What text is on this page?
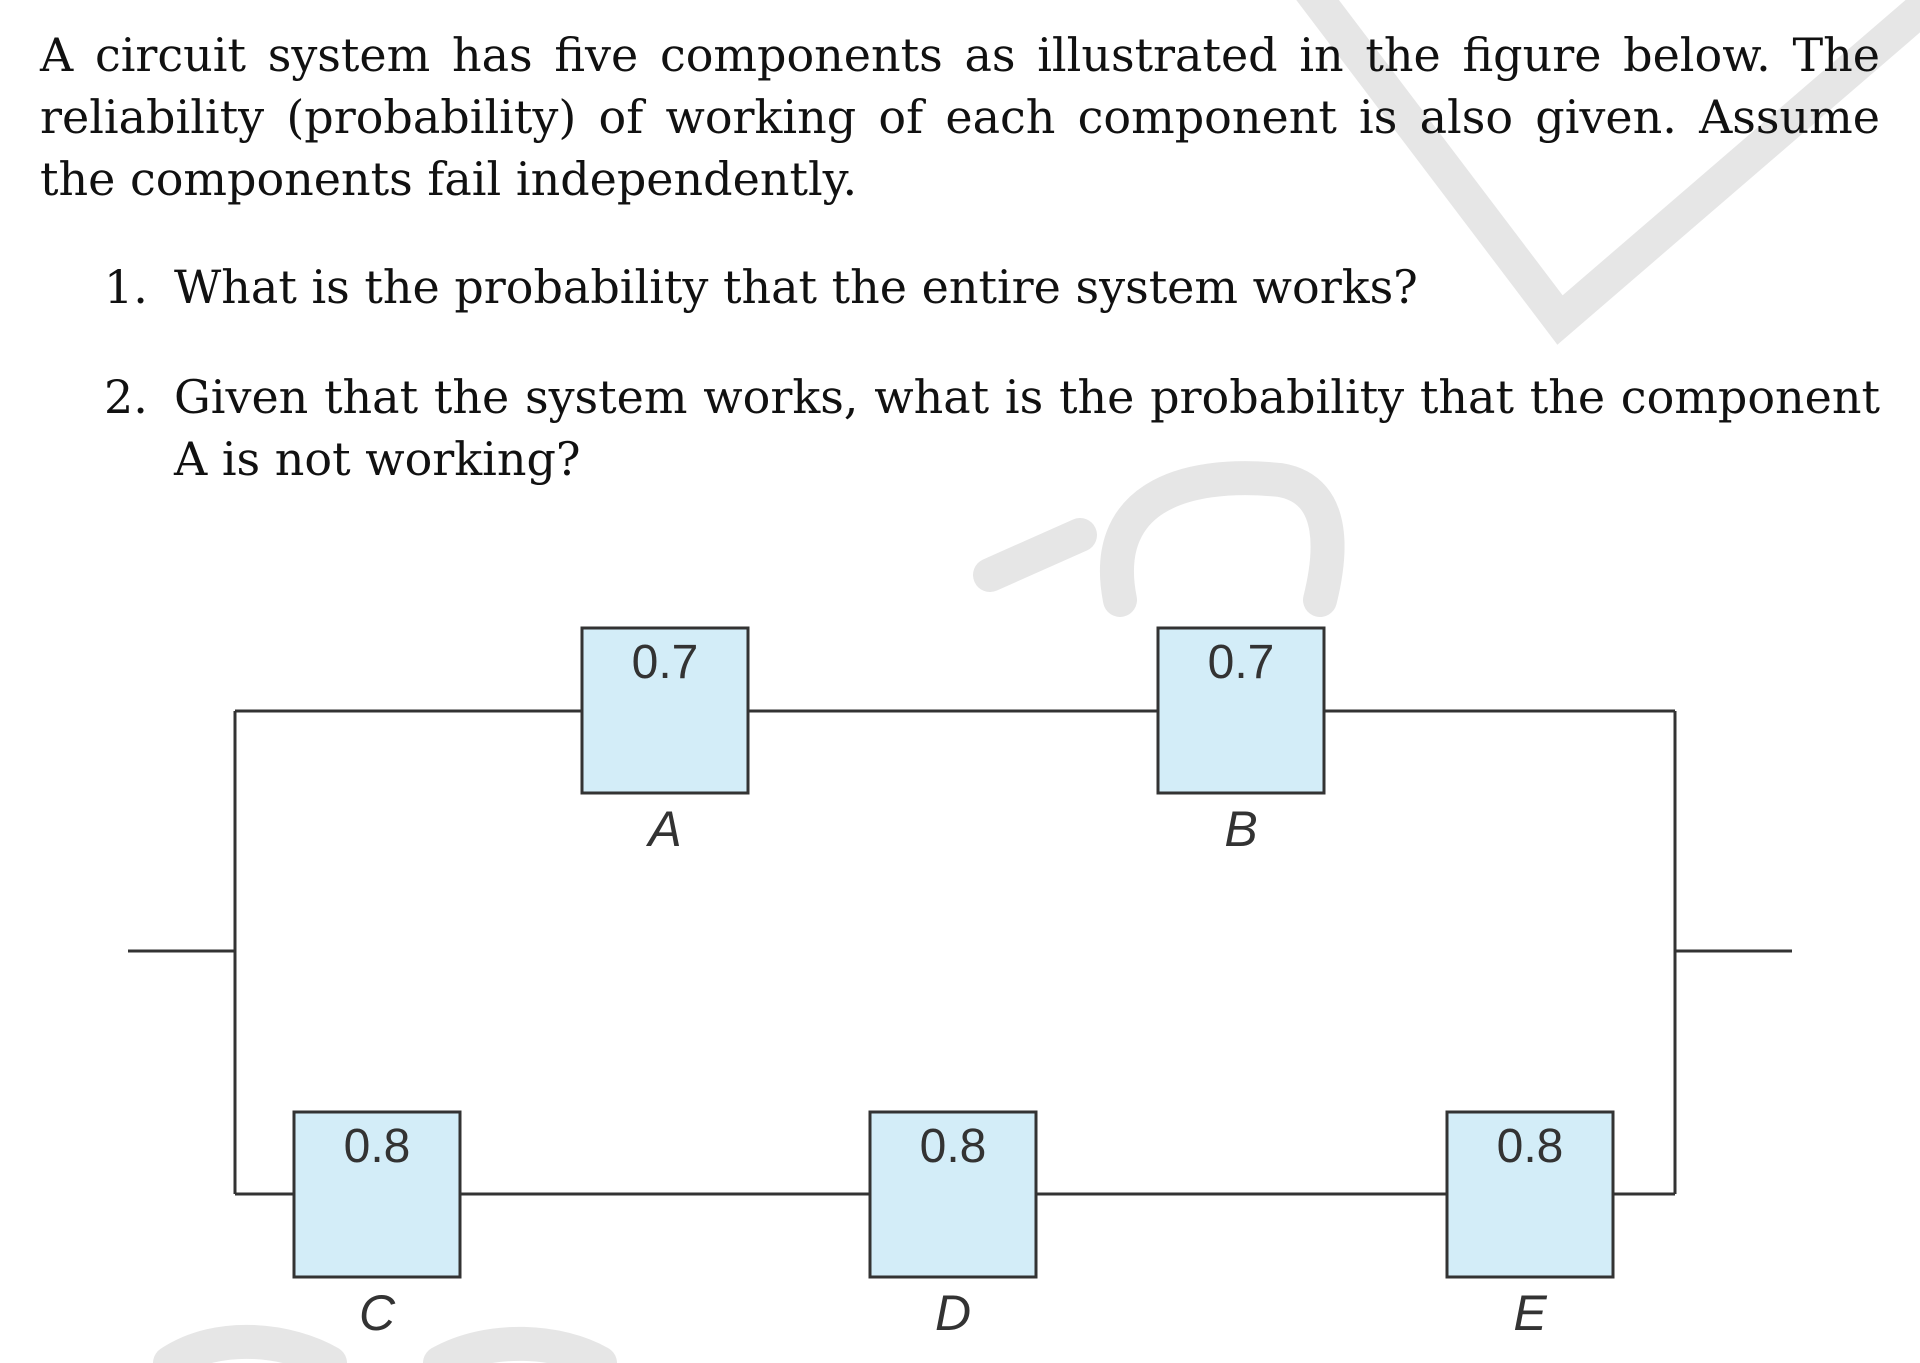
A circuit system has five components as illustrated in the figure below. The reliability (probability) of working of each component is also given. Assume the components fail independently.
1. What is the probability that the entire system works?
2. Given that the system works, what is the probability that the component A is not working?
0.7
A
0.7
B
0.8
C
0.8
D
0.8
E
